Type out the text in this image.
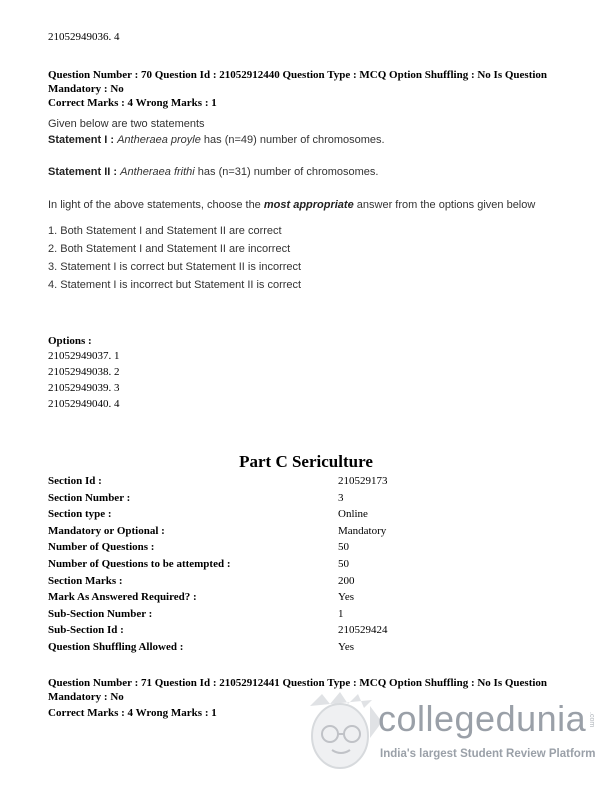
21052949036. 4
Question Number : 70 Question Id : 21052912440 Question Type : MCQ Option Shuffling : No Is Question Mandatory : No
Correct Marks : 4 Wrong Marks : 1
Given below are two statements
Statement I : Antheraea proyle has (n=49) number of chromosomes.
Statement II : Antheraea frithi has (n=31) number of chromosomes.
In light of the above statements, choose the most appropriate answer from the options given below
1. Both Statement I and Statement II are correct
2. Both Statement I and Statement II are incorrect
3. Statement I is correct but Statement II is incorrect
4. Statement I is incorrect but Statement II is correct
Options :
21052949037. 1
21052949038. 2
21052949039. 3
21052949040. 4
Part C Sericulture
Section Id :	210529173
Section Number :	3
Section type :	Online
Mandatory or Optional :	Mandatory
Number of Questions :	50
Number of Questions to be attempted :	50
Section Marks :	200
Mark As Answered Required? :	Yes
Sub-Section Number :	1
Sub-Section Id :	210529424
Question Shuffling Allowed :	Yes
Question Number : 71 Question Id : 21052912441 Question Type : MCQ Option Shuffling : No Is Question Mandatory : No
Correct Marks : 4 Wrong Marks : 1	collegedunia
India's largest Student Review Platform
.com
